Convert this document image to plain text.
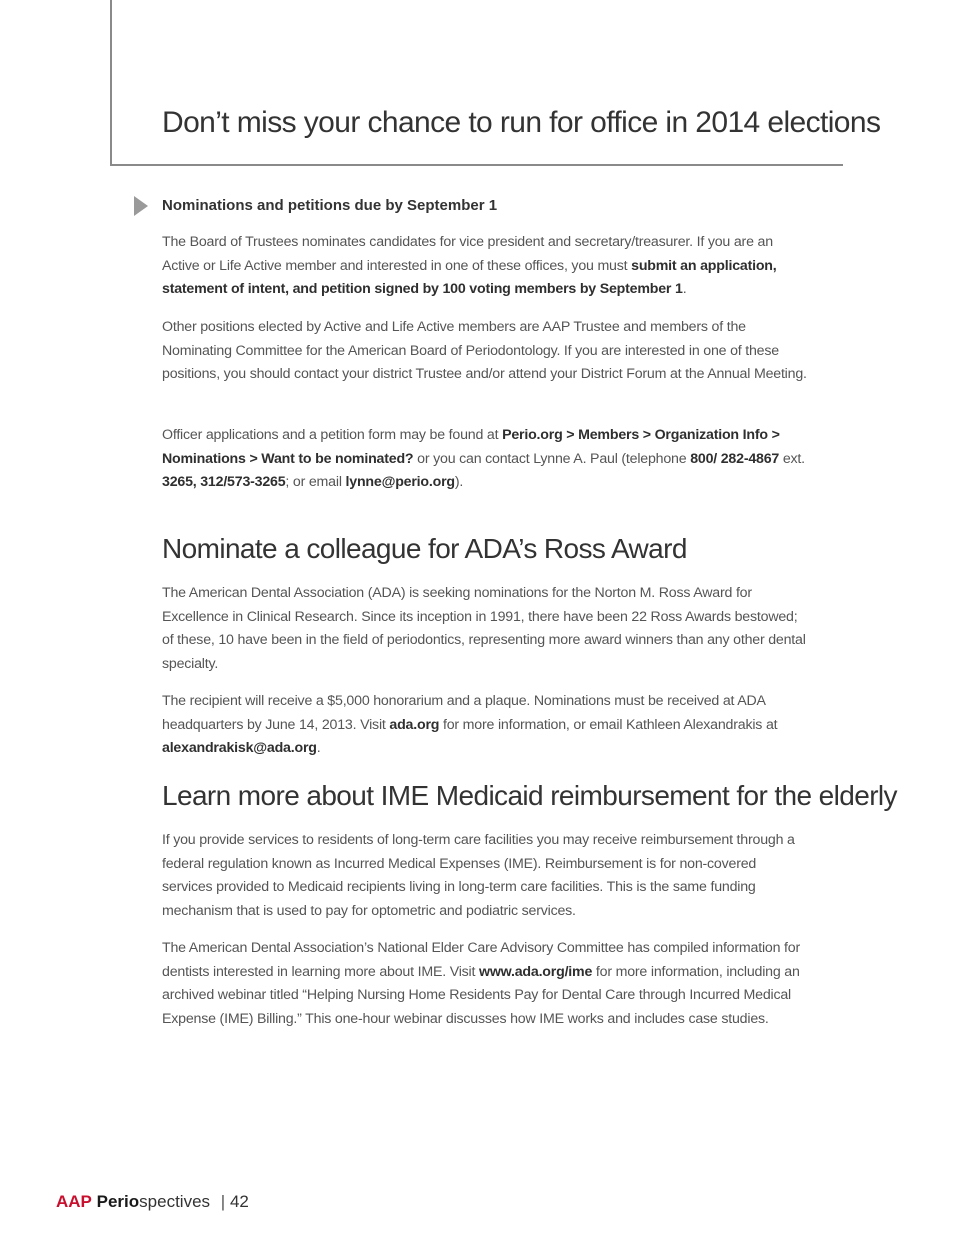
Don’t miss your chance to run for office in 2014 elections
Nominations and petitions due by September 1

The Board of Trustees nominates candidates for vice president and secretary/treasurer. If you are an Active or Life Active member and interested in one of these offices, you must submit an application, statement of intent, and petition signed by 100 voting members by September 1.

Other positions elected by Active and Life Active members are AAP Trustee and members of the Nominating Committee for the American Board of Periodontology. If you are interested in one of these positions, you should contact your district Trustee and/or attend your District Forum at the Annual Meeting.

Officer applications and a petition form may be found at Perio.org > Members > Organization Info > Nominations > Want to be nominated? or you can contact Lynne A. Paul (telephone 800/ 282-4867 ext. 3265, 312/573-3265; or email lynne@perio.org).

Nominate a colleague for ADA’s Ross Award

The American Dental Association (ADA) is seeking nominations for the Norton M. Ross Award for Excellence in Clinical Research. Since its inception in 1991, there have been 22 Ross Awards bestowed; of these, 10 have been in the field of periodontics, representing more award winners than any other dental specialty.

The recipient will receive a $5,000 honorarium and a plaque. Nominations must be received at ADA headquarters by June 14, 2013. Visit ada.org for more information, or email Kathleen Alexandrakis at alexandrakisk@ada.org.

Learn more about IME Medicaid reimbursement for the elderly

If you provide services to residents of long-term care facilities you may receive reimbursement through a federal regulation known as Incurred Medical Expenses (IME). Reimbursement is for non-covered services provided to Medicaid recipients living in long-term care facilities. This is the same funding mechanism that is used to pay for optometric and podiatric services.

The American Dental Association’s National Elder Care Advisory Committee has compiled information for dentists interested in learning more about IME. Visit www.ada.org/ime for more information, including an archived webinar titled “Helping Nursing Home Residents Pay for Dental Care through Incurred Medical Expense (IME) Billing.” This one-hour webinar discusses how IME works and includes case studies.

AAP Periospectives | 42
